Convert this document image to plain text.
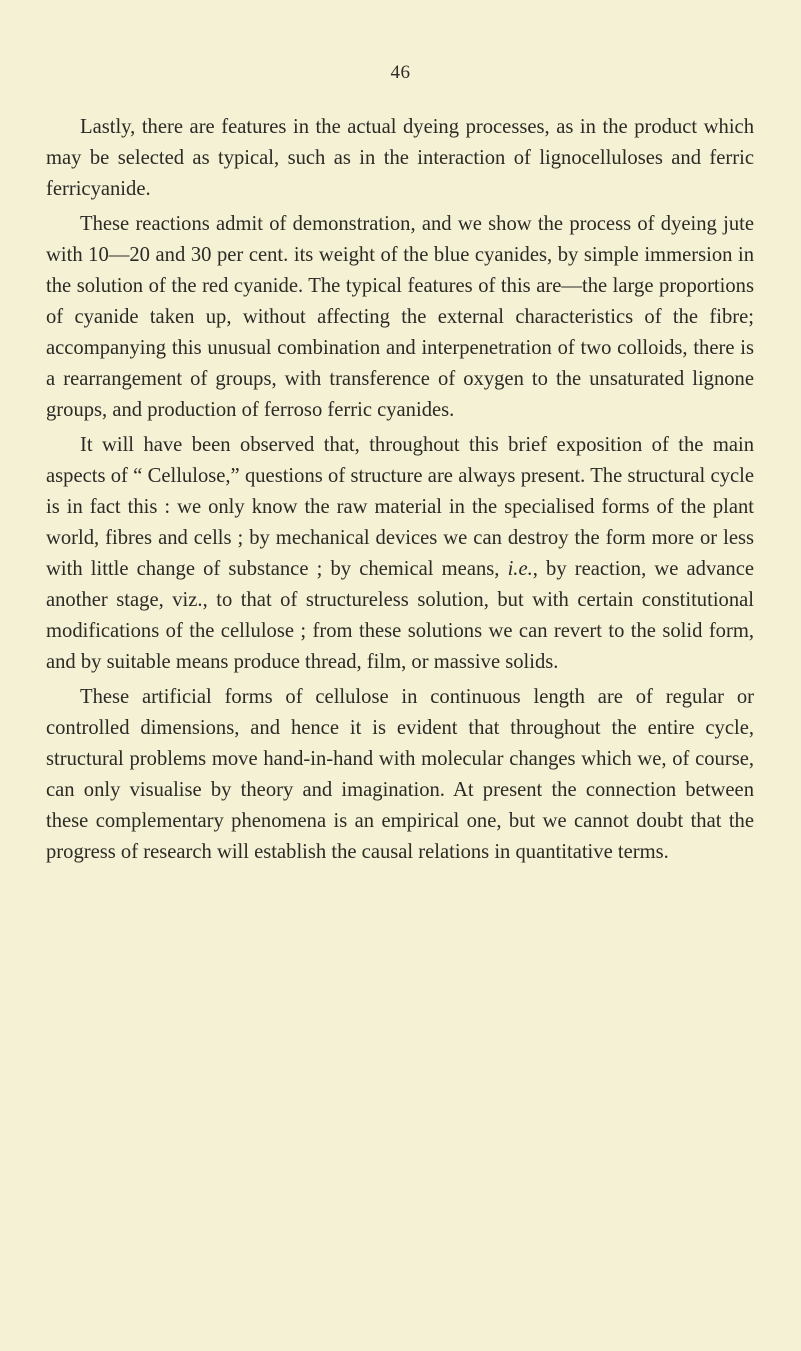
46

Lastly, there are features in the actual dyeing processes, as in the product which may be selected as typical, such as in the interaction of lignocelluloses and ferric ferricyanide.

These reactions admit of demonstration, and we show the process of dyeing jute with 10—20 and 30 per cent. its weight of the blue cyanides, by simple immersion in the solution of the red cyanide. The typical features of this are—the large proportions of cyanide taken up, without affecting the external characteristics of the fibre; accompanying this unusual combination and interpenetration of two colloids, there is a rearrangement of groups, with transference of oxygen to the unsaturated lignone groups, and production of ferroso ferric cyanides.

It will have been observed that, throughout this brief exposition of the main aspects of “ Cellulose,” questions of structure are always present. The structural cycle is in fact this : we only know the raw material in the specialised forms of the plant world, fibres and cells ; by mechanical devices we can destroy the form more or less with little change of substance ; by chemical means, i.e., by reaction, we advance another stage, viz., to that of structureless solution, but with certain constitutional modifications of the cellulose ; from these solutions we can revert to the solid form, and by suitable means produce thread, film, or massive solids.

These artificial forms of cellulose in continuous length are of regular or controlled dimensions, and hence it is evident that throughout the entire cycle, structural problems move hand-in-hand with molecular changes which we, of course, can only visualise by theory and imagination. At present the connection between these complementary phenomena is an empirical one, but we cannot doubt that the progress of research will establish the causal relations in quantitative terms.
